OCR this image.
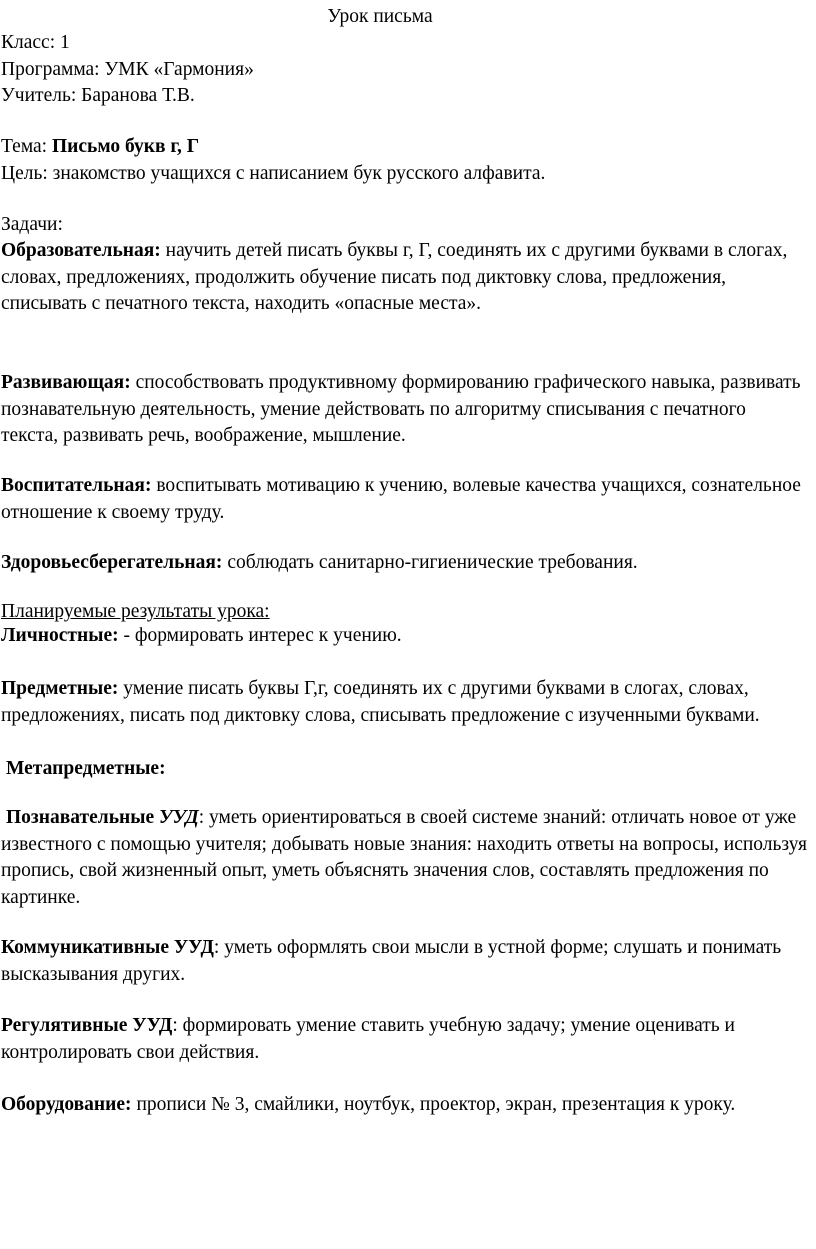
Урок письма
Класс: 1
Программа: УМК «Гармония»
Учитель: Баранова Т.В.
Тема: Письмо букв г, Г
Цель: знакомство учащихся с написанием бук русского алфавита.
Задачи:
Образовательная: научить детей писать буквы г, Г, соединять их с другими буквами в слогах, словах, предложениях, продолжить обучение писать под диктовку слова, предложения, списывать с печатного текста, находить «опасные места».
Развивающая: способствовать продуктивному формированию графического навыка, развивать познавательную деятельность, умение действовать по алгоритму списывания с печатного текста, развивать речь, воображение, мышление.
Воспитательная: воспитывать мотивацию к учению, волевые качества учащихся, сознательное отношение к своему труду.
Здоровьесберегательная: соблюдать санитарно-гигиенические требования.
Планируемые результаты урока:
Личностные: - формировать интерес к учению.
Предметные: умение писать буквы Г,г, соединять их с другими буквами в слогах, словах, предложениях, писать под диктовку слова, списывать предложение с изученными буквами.
Метапредметные:
Познавательные УУД: уметь ориентироваться в своей системе знаний: отличать новое от уже известного с помощью учителя; добывать новые знания: находить ответы на вопросы, используя пропись, свой жизненный опыт, уметь объяснять значения слов, составлять предложения по картинке.
Коммуникативные УУД: уметь оформлять свои мысли в устной форме; слушать и понимать высказывания других.
Регулятивные УУД: формировать умение ставить учебную задачу; умение оценивать и контролировать свои действия.
Оборудование: прописи № 3, смайлики, ноутбук, проектор, экран, презентация к уроку.
